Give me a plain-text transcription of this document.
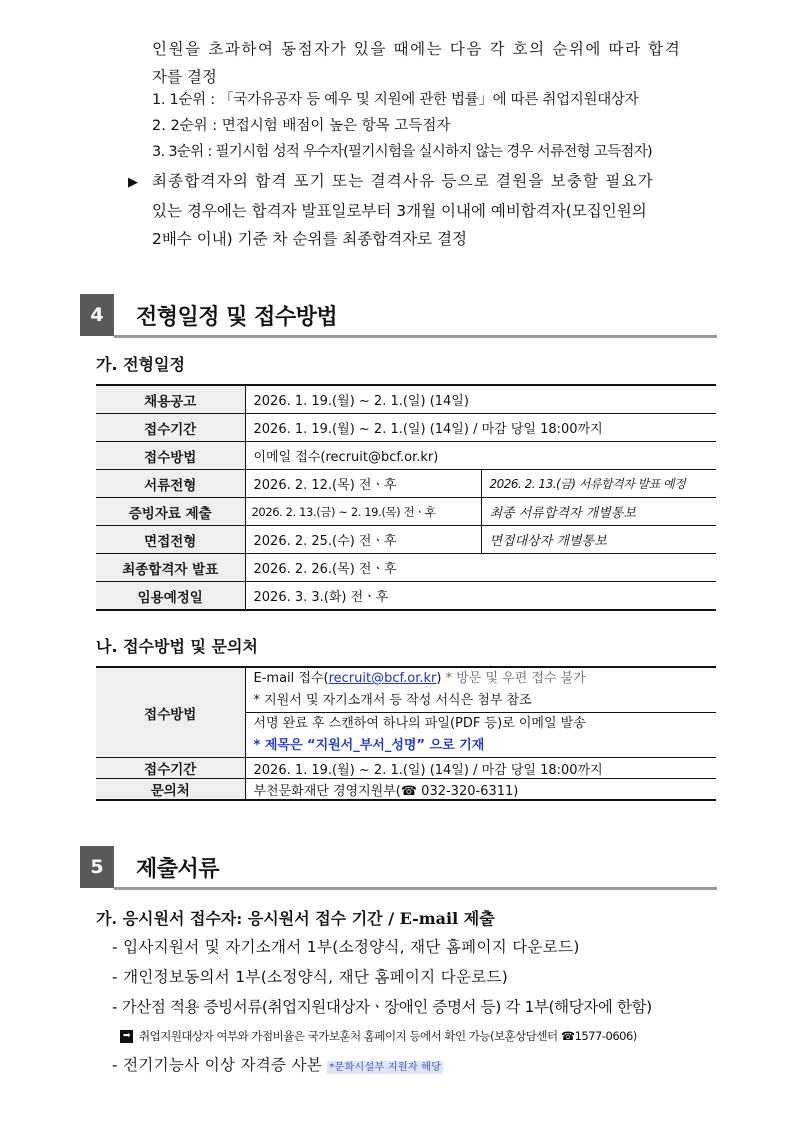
인원을 초과하여 동점자가 있을 때에는 다음 각 호의 순위에 따라 합격
자를 결정
1. 1순위 : 「국가유공자 등 예우 및 지원에 관한 법률」에 따른 취업지원대상자
2. 2순위 : 면접시험 배점이 높은 항목 고득점자
3. 3순위 : 필기시험 성적 우수자(필기시험을 실시하지 않는 경우 서류전형 고득점자)
▶ 최종합격자의 합격 포기 또는 결격사유 등으로 결원을 보충할 필요가
있는 경우에는 합격자 발표일로부터 3개월 이내에 예비합격자(모집인원의
2배수 이내) 기준 차 순위를 최종합격자로 결정
4	전형일정 및 접수방법
가. 전형일정
채용공고	2026. 1. 19.(월) ~ 2. 1.(일) (14일)	
접수기간	2026. 1. 19.(월) ~ 2. 1.(일) (14일) / 마감 당일 18:00까지	
접수방법	이메일 접수(recruit@bcf.or.kr)	
서류전형	2026. 2. 12.(목) 전ㆍ후	2026. 2. 13.(금) 서류합격자 발표 예정
증빙자료 제출	2026. 2. 13.(금) ~ 2. 19.(목) 전ㆍ후	최종 서류합격자 개별통보
면접전형	2026. 2. 25.(수) 전ㆍ후	면접대상자 개별통보
최종합격자 발표	2026. 2. 26.(목) 전ㆍ후	
임용예정일	2026. 3. 3.(화) 전ㆍ후	
나. 접수방법 및 문의처
접수방법	E-mail 접수(recruit@bcf.or.kr) * 방문 및 우편 접수 불가
* 지원서 및 자기소개서 등 작성 서식은 첨부 참조

	서명 완료 후 스캔하여 하나의 파일(PDF 등)로 이메일 발송
* 제목은 “지원서_부서_성명” 으로 기재

접수기간	2026. 1. 19.(월) ~ 2. 1.(일) (14일) / 마감 당일 18:00까지
문의처	부천문화재단 경영지원부(☎ 032-320-6311)
5	제출서류
가. 응시원서 접수자: 응시원서 접수 기간 / E-mail 제출
- 입사지원서 및 자기소개서 1부(소정양식, 재단 홈페이지 다운로드)
- 개인정보동의서 1부(소정양식, 재단 홈페이지 다운로드)
- 가산점 적용 증빙서류(취업지원대상자ㆍ장애인 증명서 등) 각 1부(해당자에 한함)
➡ 취업지원대상자 여부와 가점비율은 국가보훈처 홈페이지 등에서 확인 가능(보훈상담센터 ☎1577-0606)
- 전기기능사 이상 자격증 사본 *문화시설부 지원자 해당
